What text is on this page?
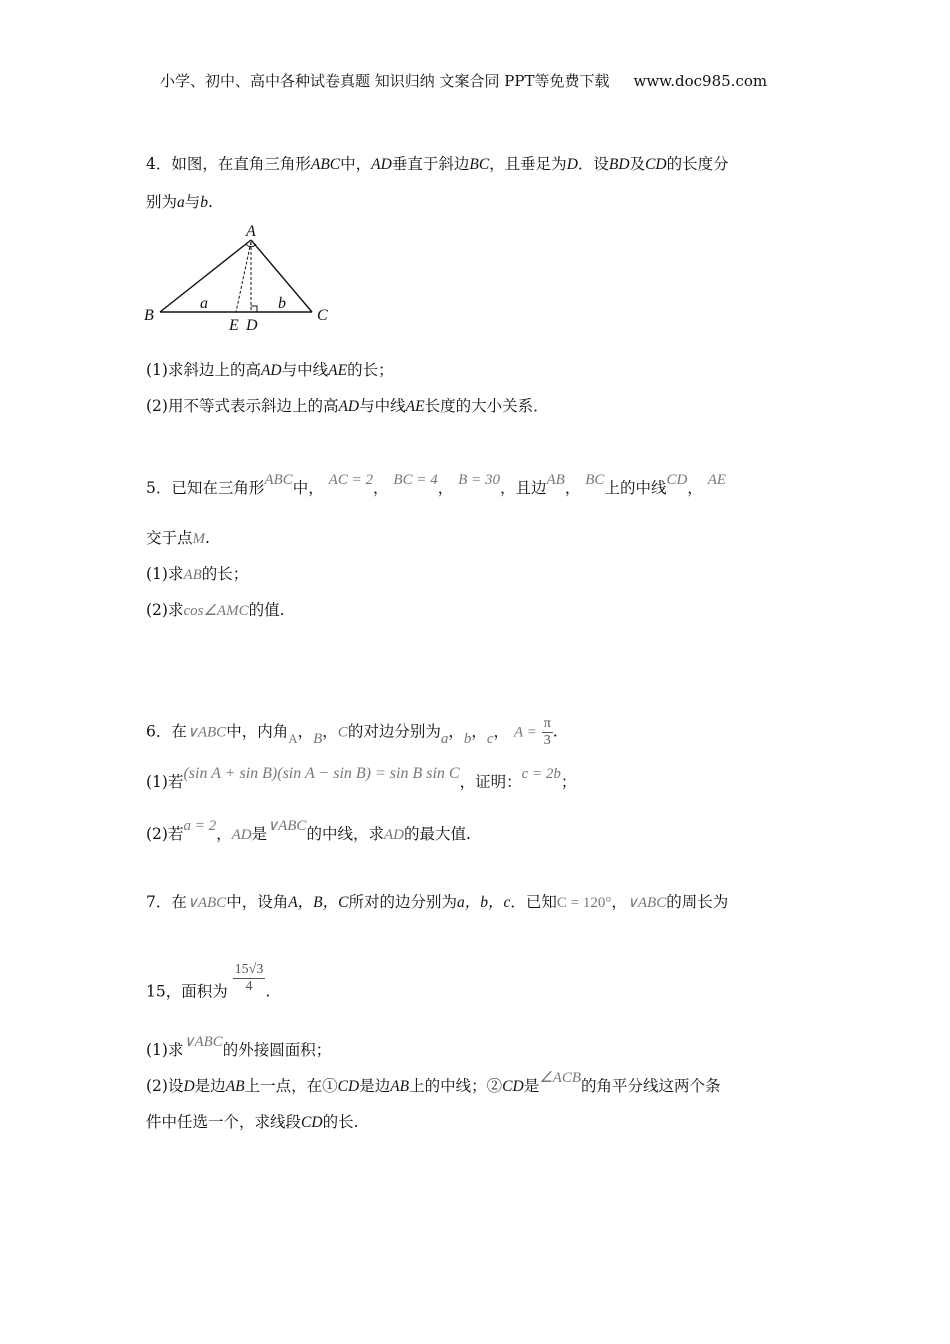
小学、初中、高中各种试卷真题 知识归纳 文案合同 PPT等免费下载 www.doc985.com
4．如图，在直角三角形ABC中，AD垂直于斜边BC，且垂足为D．设BD及CD的长度分
别为a与b.
A
B	C
E D
a	b
(1)求斜边上的高AD与中线AE的长；
(2)用不等式表示斜边上的高AD与中线AE长度的大小关系．
5．已知在三角形ABC中， AC = 2， BC = 4， B = 30，且边AB， BC上的中线CD， AE
交于点M.
(1)求AB的长；
(2)求cos∠AMC的值.
6．在∨ABC中，内角$_A$，B，C的对边分别为a，b，c， $A = \frac{\pi}{3}$ .
(1)若(sin A + sin B)(sin A − sin B) = sin B sin C，证明：c = 2b；
(2)若a = 2，AD是∨ABC的中线，求AD的最大值.
7．在∨ABC中，设角A，B，C所对的边分别为a，b，c．已知C = 120°，∨ABC的周长为
15，面积为 $\frac{15√3}{4}$ .
(1)求∨ABC的外接圆面积；
(2)设D是边AB上一点，在①CD是边AB上的中线；②CD是∠ACB的角平分线这两个条
件中任选一个，求线段CD的长.
